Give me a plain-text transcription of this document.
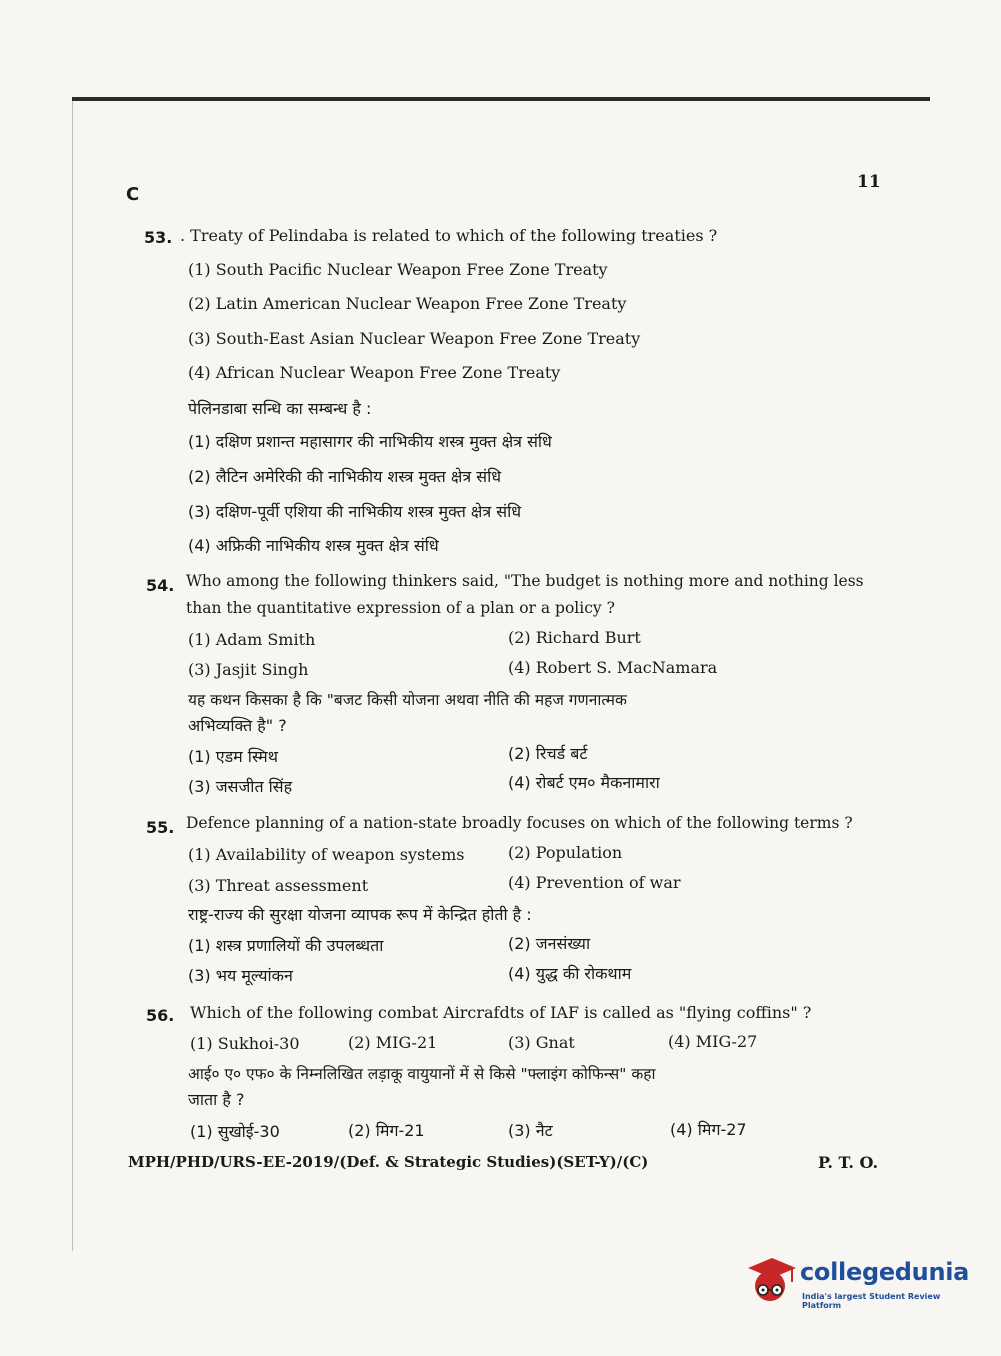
C
11
53. . Treaty of Pelindaba is related to which of the following treaties ?
(1) South Pacific Nuclear Weapon Free Zone Treaty
(2) Latin American Nuclear Weapon Free Zone Treaty
(3) South-East Asian Nuclear Weapon Free Zone Treaty
(4) African Nuclear Weapon Free Zone Treaty
पेलिनडाबा सन्धि का सम्बन्ध है :
(1) दक्षिण प्रशान्त महासागर की नाभिकीय शस्त्र मुक्त क्षेत्र संधि
(2) लैटिन अमेरिकी की नाभिकीय शस्त्र मुक्त क्षेत्र संधि
(3) दक्षिण-पूर्वी एशिया की नाभिकीय शस्त्र मुक्त क्षेत्र संधि
(4) अफ्रिकी नाभिकीय शस्त्र मुक्त क्षेत्र संधि
54. Who among the following thinkers said, "The budget is nothing more and nothing less
than the quantitative expression of a plan or a policy ?
(1) Adam Smith	(2) Richard Burt
(3) Jasjit Singh	(4) Robert S. MacNamara
यह कथन किसका है कि "बजट किसी योजना अथवा नीति की महज गणनात्मक
अभिव्यक्ति है" ?
(1) एडम स्मिथ	(2) रिचर्ड बर्ट
(3) जसजीत सिंह	(4) रोबर्ट एम० मैकनामारा
55. Defence planning of a nation-state broadly focuses on which of the following terms ?
(1) Availability of weapon systems	(2) Population
(3) Threat assessment	(4) Prevention of war
राष्ट्र-राज्य की सुरक्षा योजना व्यापक रूप में केन्द्रित होती है :
(1) शस्त्र प्रणालियों की उपलब्धता	(2) जनसंख्या
(3) भय मूल्यांकन	(4) युद्ध की रोकथाम
56. Which of the following combat Aircrafdts of IAF is called as "flying coffins" ?
(1) Sukhoi-30	(2) MIG-21	(3) Gnat	(4) MIG-27
आई० ए० एफ० के निम्नलिखित लड़ाकू वायुयानों में से किसे "फ्लाइंग कोफिन्स" कहा
जाता है ?
(1) सुखोई-30	(2) मिग-21	(3) नैट	(4) मिग-27
MPH/PHD/URS-EE-2019/(Def. & Strategic Studies)(SET-Y)/(C)	P. T. O.
collegedunia
India's largest Student Review Platform
